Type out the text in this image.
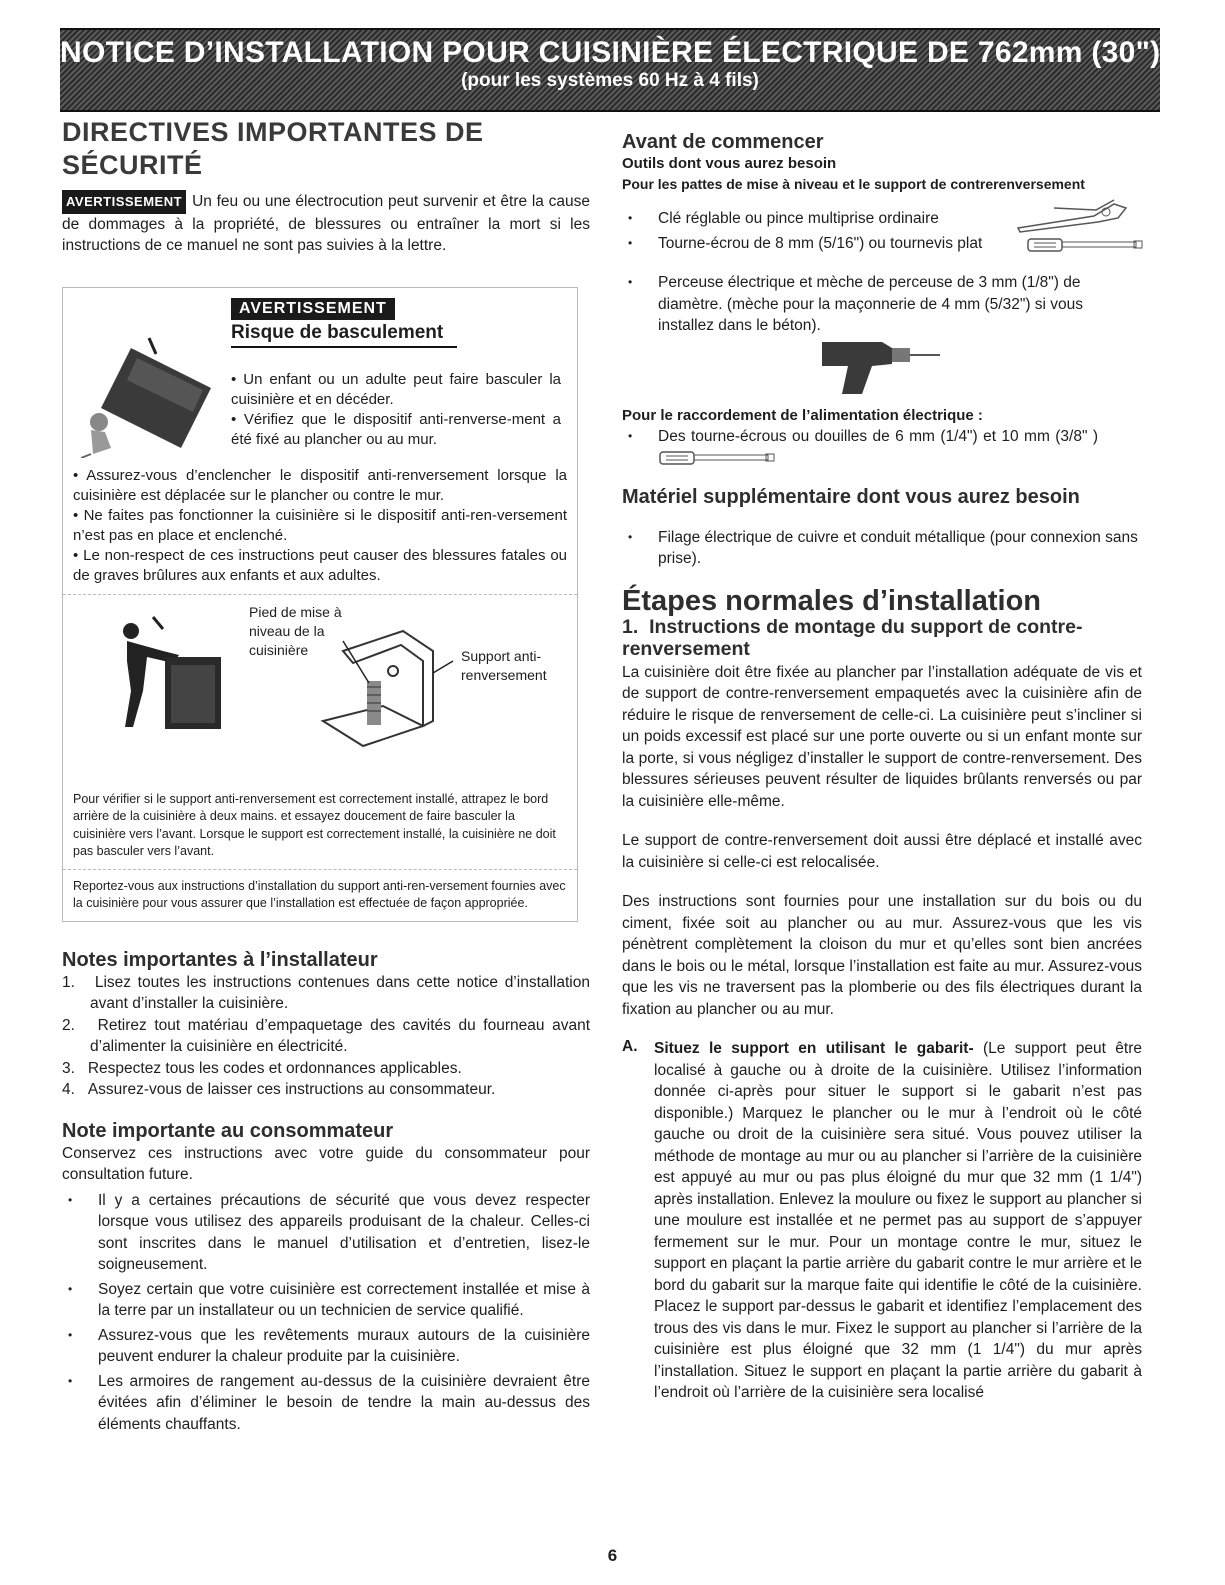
NOTICE D’INSTALLATION POUR CUISINIÈRE ÉLECTRIQUE DE 762mm (30")
(pour les systèmes 60 Hz à 4 fils)
DIRECTIVES IMPORTANTES DE SÉCURITÉ

AVERTISSEMENT Un feu ou une électrocution peut survenir et être la cause de dommages à la propriété, de blessures ou entraîner la mort si les instructions de ce manuel ne sont pas suivies à la lettre.

AVERTISSEMENT Risque de basculement

• Un enfant ou un adulte peut faire basculer la cuisinière et en décéder.

• Vérifiez que le dispositif anti-renverse-ment a été fixé au plancher ou au mur.

• Assurez-vous d’enclencher le dispositif anti-renversement lorsque la cuisinière est déplacée sur le plancher ou contre le mur.

• Ne faites pas fonctionner la cuisinière si le dispositif anti-ren-versement n’est pas en place et enclenché.

• Le non-respect de ces instructions peut causer des blessures fatales ou de graves brûlures aux enfants et aux adultes.

Pied de mise à niveau de la cuisinière	Support anti-renversement

Pour vérifier si le support anti-renversement est correctement installé, attrapez le bord arrière de la cuisinière à deux mains. et essayez doucement de faire basculer la cuisinière vers l’avant. Lorsque le support est correctement installé, la cuisinière ne doit pas basculer vers l’avant.

Reportez-vous aux instructions d’installation du support anti-ren-versement fournies avec la cuisinière pour vous assurer que l’installation est effectuée de façon appropriée.

Notes importantes à l’installateur
1.   Lisez toutes les instructions contenues dans cette notice d’installation avant d’installer la cuisinière.
2.   Retirez tout matériau d’empaquetage des cavités du fourneau avant d’alimenter la cuisinière en électricité.
3.   Respectez tous les codes et ordonnances applicables.
4.   Assurez-vous de laisser ces instructions au consommateur.
Note importante au consommateur

Conservez ces instructions avec votre guide du consommateur pour consultation future.

• Il y a certaines précautions de sécurité que vous devez respecter lorsque vous utilisez des appareils produisant de la chaleur. Celles-ci sont inscrites dans le manuel d’utilisation et d’entretien, lisez-le soigneusement.
• Soyez certain que votre cuisinière est correctement installée et mise à la terre par un installateur ou un technicien de service qualifié.
• Assurez-vous que les revêtements muraux autours de la cuisinière peuvent endurer la chaleur produite par la cuisinière.
• Les armoires de rangement au-dessus de la cuisinière devraient être évitées afin d’éliminer le besoin de tendre la main au-dessus des éléments chauffants.
Avant de commencer
Outils dont vous aurez besoin
Pour les pattes de mise à niveau et le support de contrerenversement
• Clé réglable ou pince multiprise ordinaire
• Tourne-écrou de 8 mm (5/16") ou tournevis plat
• Perceuse électrique et mèche de perceuse de 3 mm (1/8") de diamètre. (mèche pour la maçonnerie de 4 mm (5/32") si vous installez dans le béton).
Pour le raccordement de l’alimentation électrique :
• Des tourne-écrous ou douilles de 6 mm (1/4") et 10 mm (3/8" )
Matériel supplémentaire dont vous aurez besoin
• Filage électrique de cuivre et conduit métallique (pour connexion sans prise).
Étapes normales d’installation
1.  Instructions de montage du support de contre-renversement

La cuisinière doit être fixée au plancher par l’installation adéquate de vis et de support de contre-renversement empaquetés avec la cuisinière afin de réduire le risque de renversement de celle-ci. La cuisinière peut s’incliner si un poids excessif est placé sur une porte ouverte ou si un enfant monte sur la porte, si vous négligez d’installer le support de contre-renversement. Des blessures sérieuses peuvent résulter de liquides brûlants renversés ou par la cuisinière elle-même.

Le support de contre-renversement doit aussi être déplacé et installé avec la cuisinière si celle-ci est relocalisée.

Des instructions sont fournies pour une installation sur du bois ou du ciment, fixée soit au plancher ou au mur. Assurez-vous que les vis pénètrent complètement la cloison du mur et qu’elles sont bien ancrées dans le bois ou le métal, lorsque l’installation est faite au mur. Assurez-vous que les vis ne traversent pas la plomberie ou des fils électriques durant la fixation au plancher ou au mur.

A. Situez le support en utilisant le gabarit- (Le support peut être localisé à gauche ou à droite de la cuisinière. Utilisez l’information donnée ci-après pour situer le support si le gabarit n’est pas disponible.) Marquez le plancher ou le mur à l’endroit où le côté gauche ou droit de la cuisinière sera situé. Vous pouvez utiliser la méthode de montage au mur ou au plancher si l’arrière de la cuisinière est appuyé au mur ou pas plus éloigné du mur que 32 mm (1 1/4") après installation. Enlevez la moulure ou fixez le support au plancher si une moulure est installée et ne permet pas au support de s’appuyer fermement sur le mur. Pour un montage contre le mur, situez le support en plaçant la partie arrière du gabarit contre le mur arrière et le bord du gabarit sur la marque faite qui identifie le côté de la cuisinière. Placez le support par-dessus le gabarit et identifiez l’emplacement des trous des vis dans le mur. Fixez le support au plancher si l’arrière de la cuisinière est plus éloigné que 32 mm (1 1/4") du mur après l’installation. Situez le support en plaçant la partie arrière du gabarit à l’endroit où l’arrière de la cuisinière sera localisé

6
